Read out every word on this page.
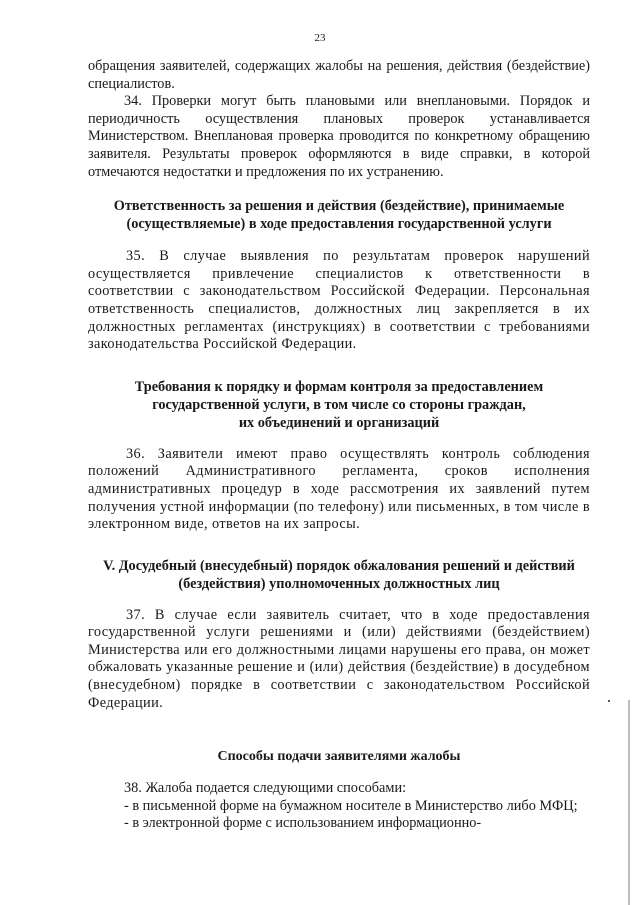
23

обращения заявителей, содержащих жалобы на решения, действия (бездействие) специалистов.

34. Проверки могут быть плановыми или внеплановыми. Порядок и периодичность осуществления плановых проверок устанавливается Министерством. Внеплановая проверка проводится по конкретному обращению заявителя. Результаты проверок оформляются в виде справки, в которой отмечаются недостатки и предложения по их устранению.

Ответственность за решения и действия (бездействие), принимаемые
(осуществляемые) в ходе предоставления государственной услуги

35. В случае выявления по результатам проверок нарушений осуществляется привлечение специалистов к ответственности в соответствии с законодательством Российской Федерации. Персональная ответственность специалистов, должностных лиц закрепляется в их должностных регламентах (инструкциях) в соответствии с требованиями законодательства Российской Федерации.

Требования к порядку и формам контроля за предоставлением
государственной услуги, в том числе со стороны граждан,
их объединений и организаций

36. Заявители имеют право осуществлять контроль соблюдения положений Административного регламента, сроков исполнения административных процедур в ходе рассмотрения их заявлений путем получения устной информации (по телефону) или письменных, в том числе в электронном виде, ответов на их запросы.

V. Досудебный (внесудебный) порядок обжалования решений и действий
(бездействия) уполномоченных должностных лиц

37. В случае если заявитель считает, что в ходе предоставления государственной услуги решениями и (или) действиями (бездействием) Министерства или его должностными лицами нарушены его права, он может обжаловать указанные решение и (или) действия (бездействие) в досудебном (внесудебном) порядке в соответствии с законодательством Российской Федерации.

Способы подачи заявителями жалобы

38. Жалоба подается следующими способами:

- в письменной форме на бумажном носителе в Министерство либо МФЦ;

- в электронной форме с использованием информационно-
